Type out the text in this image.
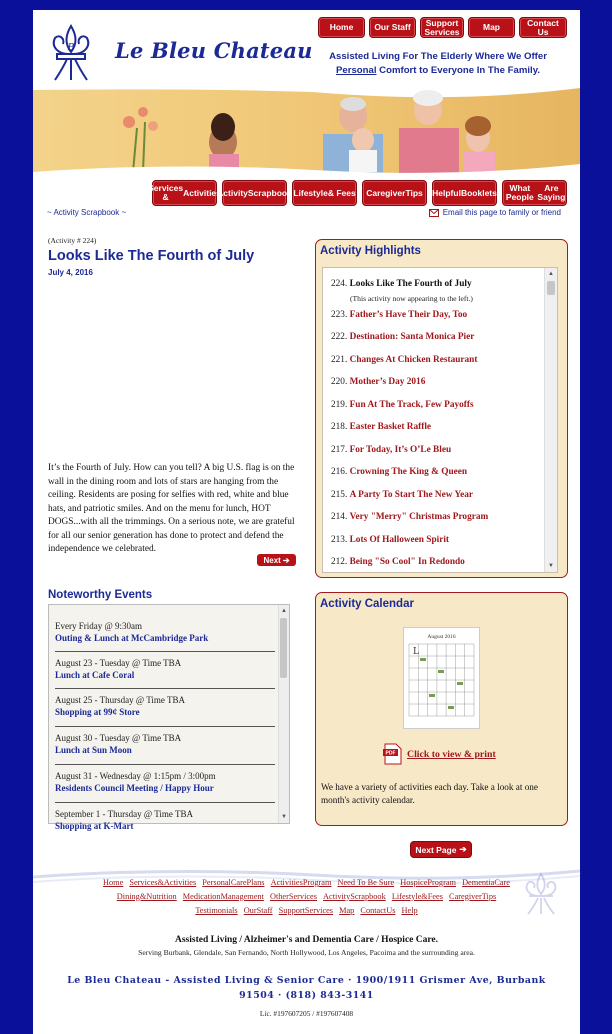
B Le Bleu Chateau
Home	Our Staff	Support Services	Map	Contact Us
Assisted Living For The Elderly Where We Offer Personal Comfort to Everyone In The Family.
Services &	Activities
Activity Scrapbook Lifestyle & Fees Caregiver Tips Helpful Booklets	What People

Are Saying
~ Activity Scrapbook ~	Email this page to family or friend
(Activity # 224)
Looks Like The Fourth of July
July 4, 2016
It’s the Fourth of July. How can you tell? A big U.S. flag is on the wall in the dining room and lots of stars are hanging from the ceiling. Residents are posing for selfies with red, white and blue hats, and patriotic smiles. And on the menu for lunch, HOT DOGS...with all the trimmings. On a serious note, we are grateful for all our senior generation has done to protect and defend the independence we celebrated.
Next ➔
Activity Highlights
224. Looks Like The Fourth of July
(This activity now appearing to the left.)
223. Father’s Have Their Day, Too
222. Destination: Santa Monica Pier
221. Changes At Chicken Restaurant
220. Mother’s Day 2016
219. Fun At The Track, Few Payoffs
218. Easter Basket Raffle
217. For Today, It’s O’Le Bleu
216. Crowning The King & Queen
215. A Party To Start The New Year
214. Very "Merry" Christmas Program
213. Lots Of Halloween Spirit
212. Being "So Cool" In Redondo
▲
▼
Noteworthy Events
Every Friday @ 9:30am
Outing & Lunch at McCambridge Park
August 23 - Tuesday @ Time TBA
Lunch at Cafe Coral
August 25 - Thursday @ Time TBA
Shopping at 99¢ Store
August 30 - Tuesday @ Time TBA
Lunch at Sun Moon
August 31 - Wednesday @ 1:15pm / 3:00pm
Residents Council Meeting / Happy Hour
September 1 - Thursday @ Time TBA
Shopping at K-Mart
▲
▼
Activity Calendar
August 2016
L
PDF Click to view & print
We have a variety of activities each day. Take a look at one month's activity calendar.
Next Page ➔
Home Services&Activities PersonalCarePlans ActivitiesProgram Need To Be Sure HospiceProgram DementiaCare
Dining&Nutrition MedicationManagement OtherServices ActivityScrapbook Lifestyle&Fees CaregiverTips
Testimonials OurStaff SupportServices Map ContactUs Help
Assisted Living / Alzheimer's and Dementia Care / Hospice Care.
Serving Burbank, Glendale, San Fernando, North Hollywood, Los Angeles, Pacoima and the surrounding area.
Le Bleu Chateau - Assisted Living & Senior Care · 1900/1911 Grismer Ave, Burbank 91504 · (818) 843-3141
Lic. #197607205 / #197607408
